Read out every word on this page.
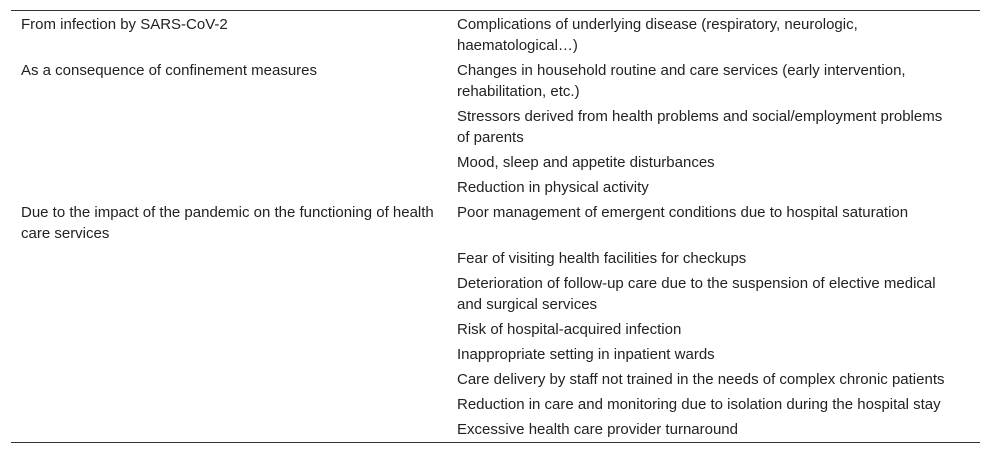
From infection by SARS-CoV-2	Complications of underlying disease (respiratory, neurologic, haematological…)
As a consequence of confinement measures	Changes in household routine and care services (early intervention, rehabilitation, etc.)
	Stressors derived from health problems and social/employment problems of parents
	Mood, sleep and appetite disturbances
	Reduction in physical activity
Due to the impact of the pandemic on the functioning of health care services	Poor management of emergent conditions due to hospital saturation
	Fear of visiting health facilities for checkups
	Deterioration of follow-up care due to the suspension of elective medical and surgical services
	Risk of hospital-acquired infection
	Inappropriate setting in inpatient wards
	Care delivery by staff not trained in the needs of complex chronic patients
	Reduction in care and monitoring due to isolation during the hospital stay
	Excessive health care provider turnaround
